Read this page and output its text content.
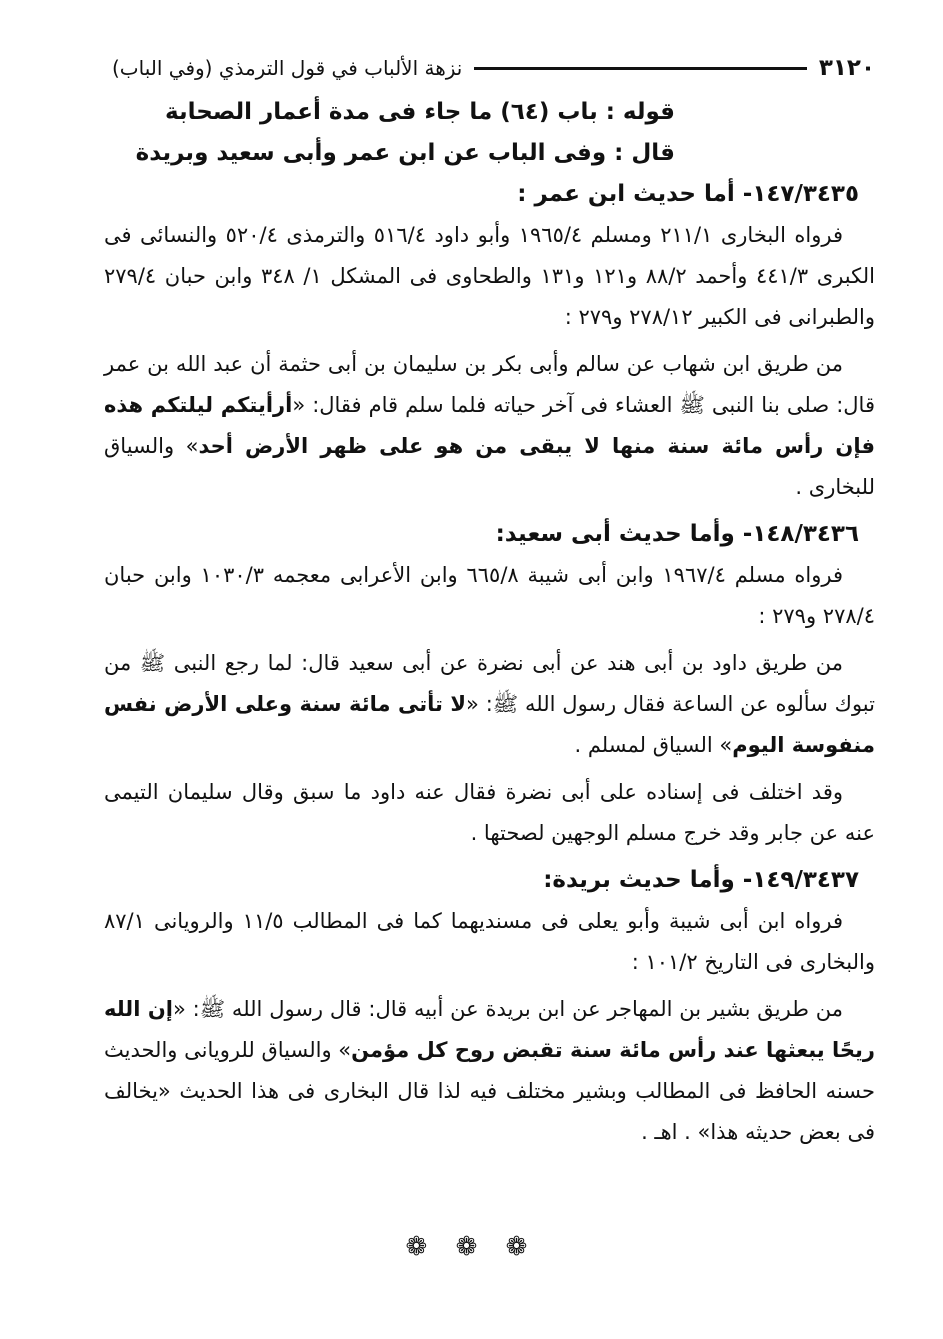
٣١٢٠
نزهة الألباب في قول الترمذي (وفي الباب)
قوله : باب (٦٤) ما جاء فى مدة أعمار الصحابة
قال : وفى الباب عن ابن عمر وأبى سعيد وبريدة
١٤٧/٣٤٣٥- أما حديث ابن عمر :

فرواه البخارى ٢١١/١ ومسلم ١٩٦٥/٤ وأبو داود ٥١٦/٤ والترمذى ٥٢٠/٤ والنسائى فى الكبرى ٤٤١/٣ وأحمد ٨٨/٢ و١٢١ و١٣١ والطحاوى فى المشكل ١/ ٣٤٨ وابن حبان ٢٧٩/٤ والطبرانى فى الكبير ٢٧٨/١٢ و٢٧٩ :

من طريق ابن شهاب عن سالم وأبى بكر بن سليمان بن أبى حثمة أن عبد الله بن عمر قال: صلى بنا النبى ﷺ العشاء فى آخر حياته فلما سلم قام فقال: «أرأيتكم ليلتكم هذه فإن رأس مائة سنة منها لا يبقى من هو على ظهر الأرض أحد» والسياق للبخارى .

١٤٨/٣٤٣٦- وأما حديث أبى سعيد:

فرواه مسلم ١٩٦٧/٤ وابن أبى شيبة ٦٦٥/٨ وابن الأعرابى معجمه ١٠٣٠/٣ وابن حبان ٢٧٨/٤ و٢٧٩ :

من طريق داود بن أبى هند عن أبى نضرة عن أبى سعيد قال: لما رجع النبى ﷺ من تبوك سألوه عن الساعة فقال رسول الله ﷺ: «لا تأتى مائة سنة وعلى الأرض نفس منفوسة اليوم» السياق لمسلم .

وقد اختلف فى إسناده على أبى نضرة فقال عنه داود ما سبق وقال سليمان التيمى عنه عن جابر وقد خرج مسلم الوجهين لصحتها .

١٤٩/٣٤٣٧- وأما حديث بريدة:

فرواه ابن أبى شيبة وأبو يعلى فى مسنديهما كما فى المطالب ١١/٥ والرويانى ٨٧/١ والبخارى فى التاريخ ١٠١/٢ :

من طريق بشير بن المهاجر عن ابن بريدة عن أبيه قال: قال رسول الله ﷺ: «إن الله ريحًا يبعثها عند رأس مائة سنة تقبض روح كل مؤمن» والسياق للرويانى والحديث حسنه الحافظ فى المطالب وبشير مختلف فيه لذا قال البخارى فى هذا الحديث «يخالف فى بعض حديثه هذا» . اهـ .

❁ ❁ ❁
